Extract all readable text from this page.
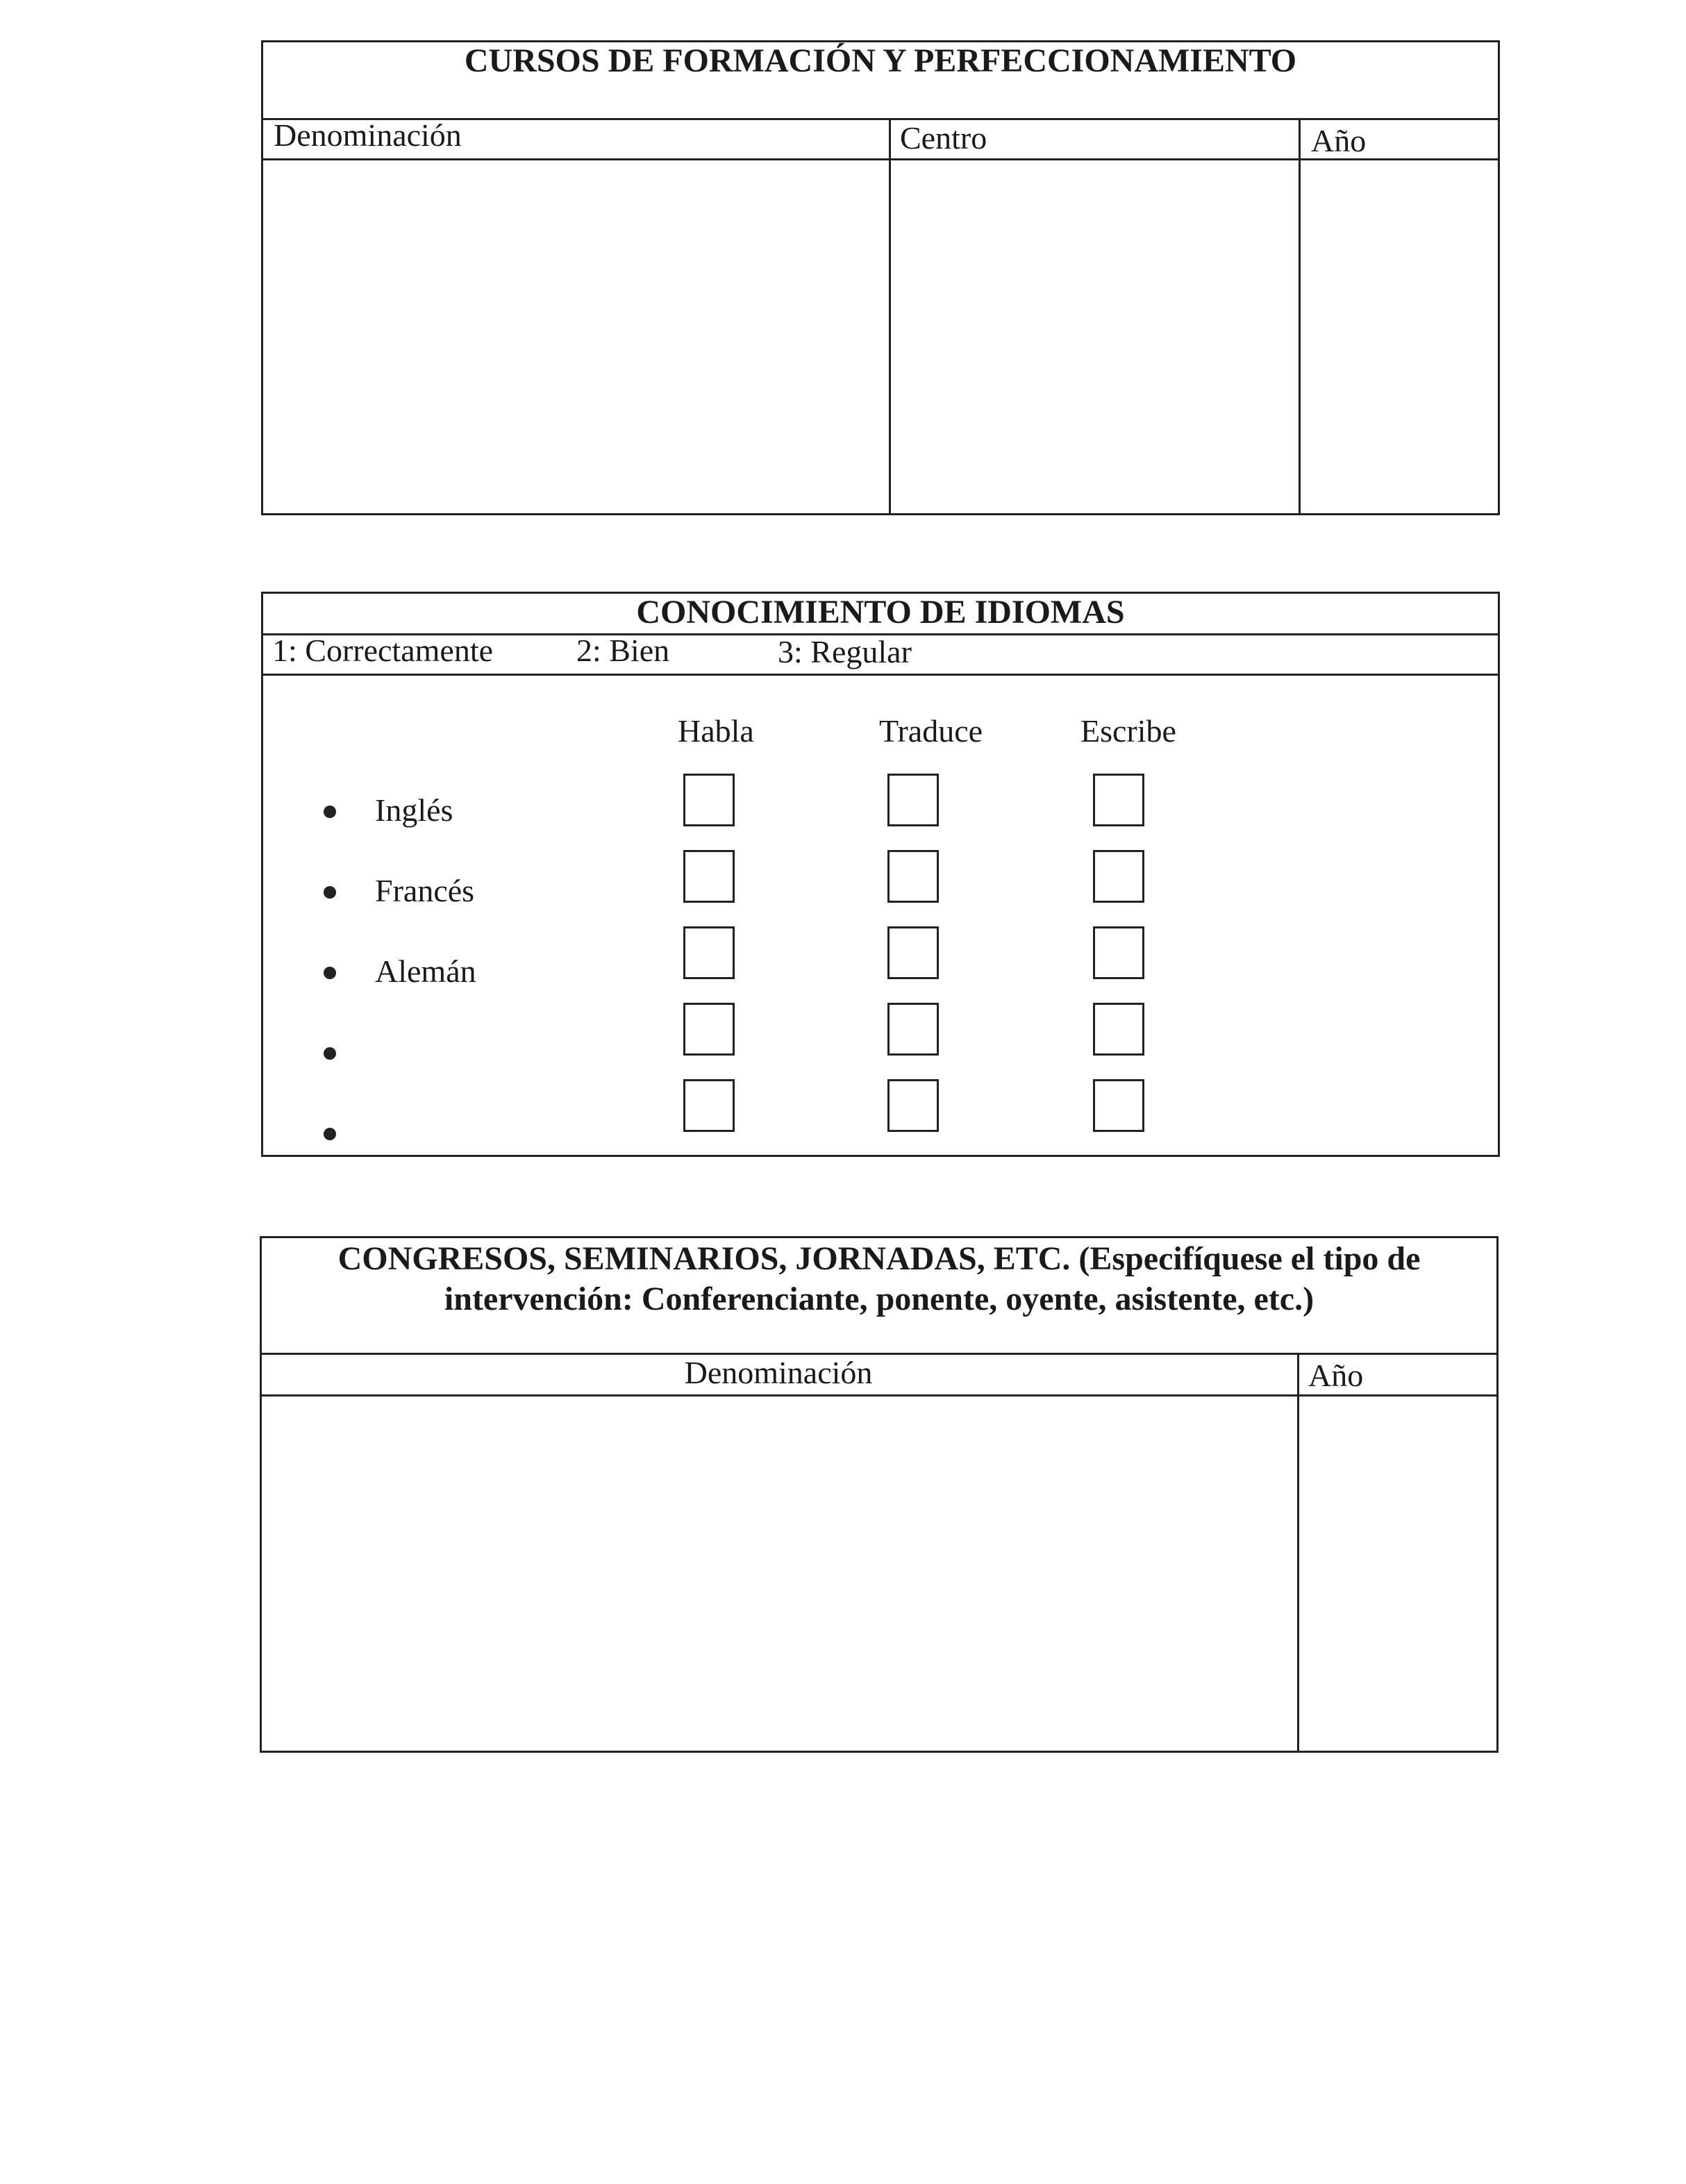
CURSOS DE FORMACIÓN Y PERFECCIONAMIENTO
Denominación	Centro	Año
CONOCIMIENTO DE IDIOMAS
1: Correctamente	2: Bien	3: Regular
Habla	Traduce	Escribe
Inglés
Francés
Alemán
CONGRESOS, SEMINARIOS, JORNADAS, ETC. (Especifíquese el tipo de
intervención: Conferenciante, ponente, oyente, asistente, etc.)
Denominación	Año
